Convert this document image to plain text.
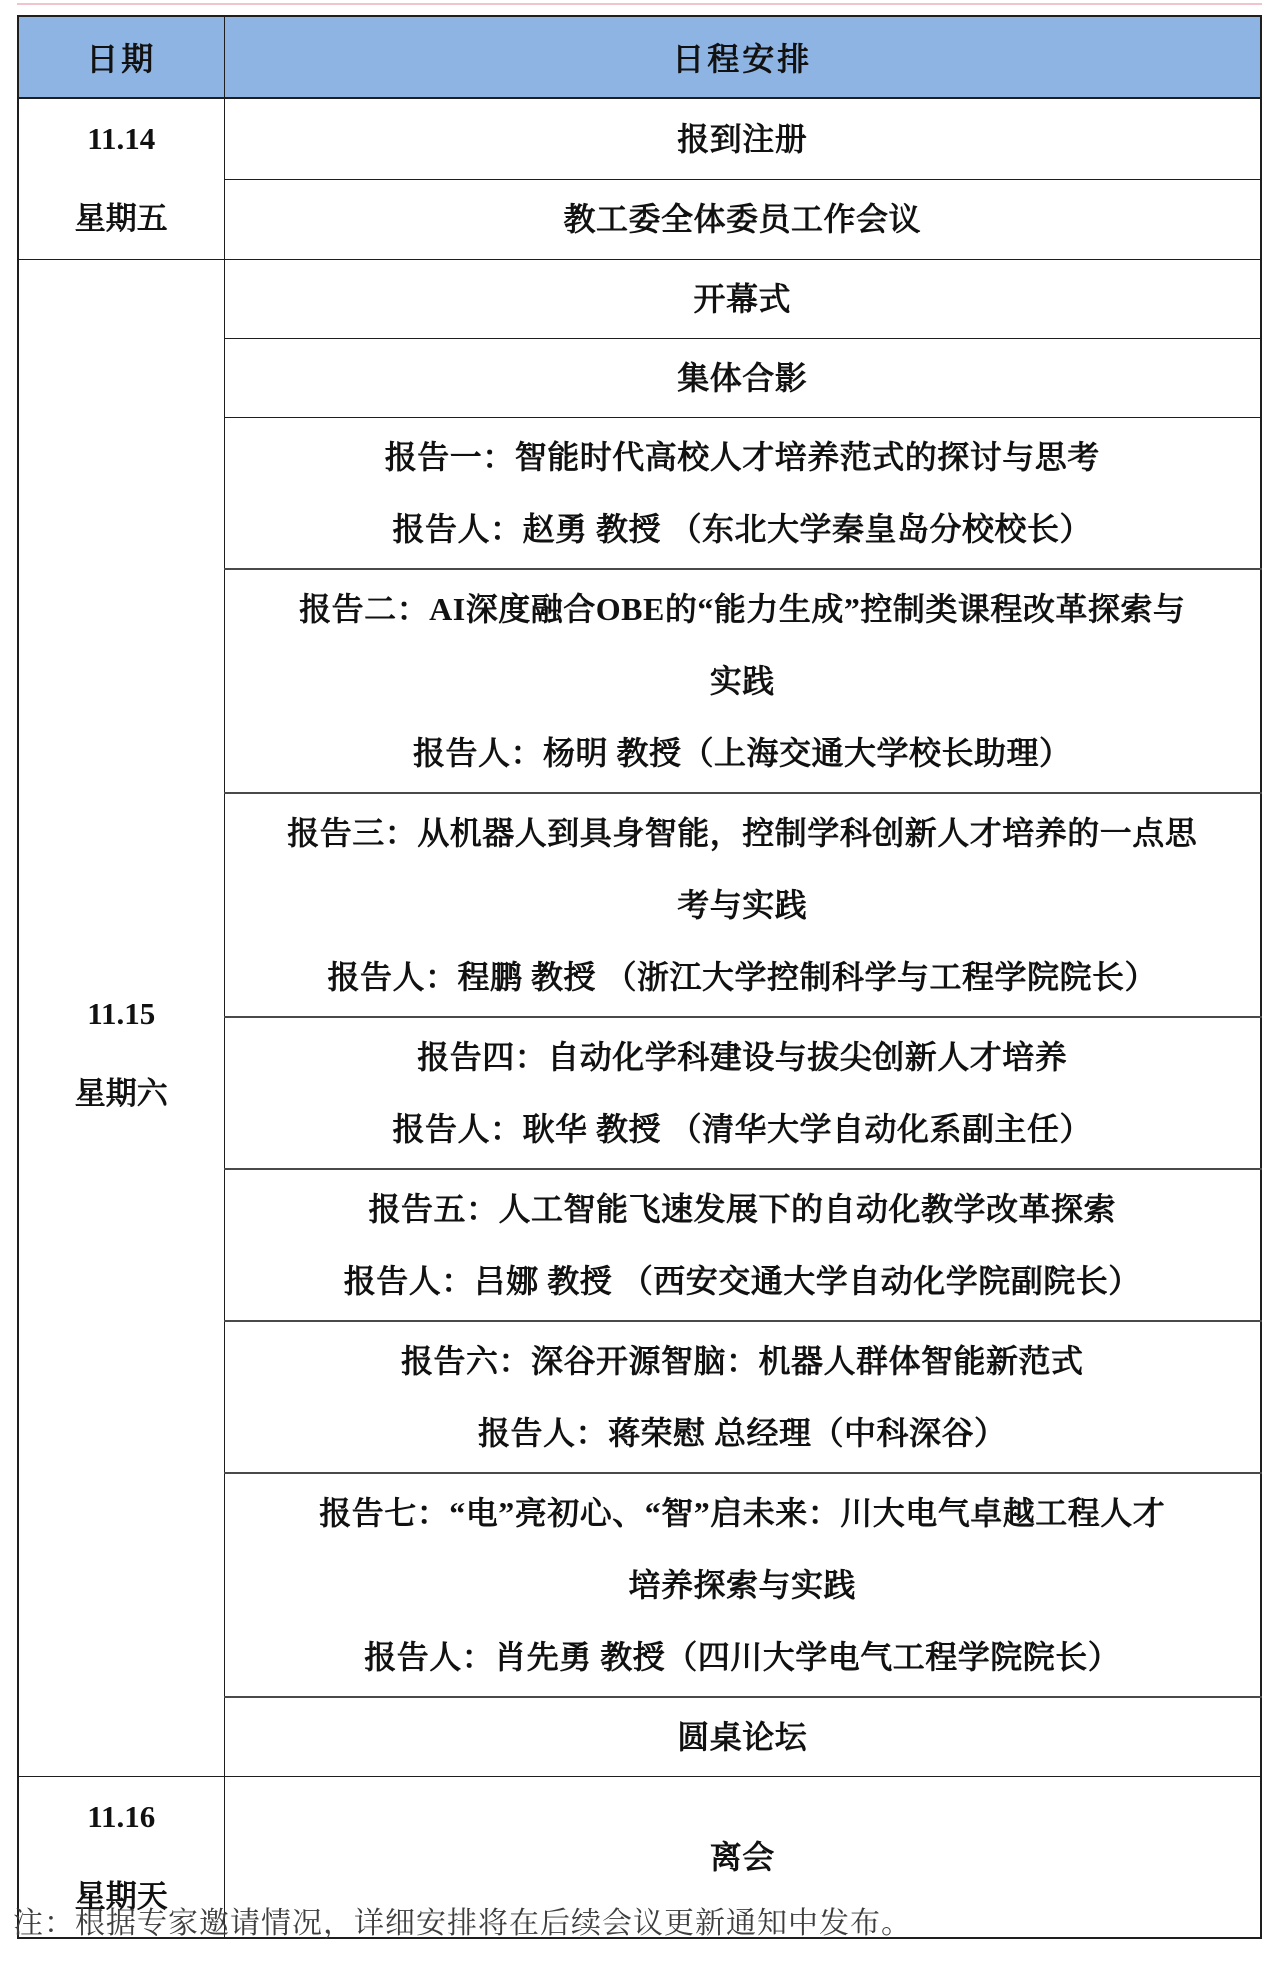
日期	日程安排

11.14
星期五	报到注册

	教工委全体委员工作会议

11.15
星期六	开幕式

	集体合影

	报告一：智能时代高校人才培养范式的探讨与思考
报告人：赵勇 教授 （东北大学秦皇岛分校校长）

	报告二：AI深度融合OBE的“能力生成”控制类课程改革探索与
实践
报告人：杨明 教授（上海交通大学校长助理）

	报告三：从机器人到具身智能，控制学科创新人才培养的一点思
考与实践
报告人：程鹏 教授 （浙江大学控制科学与工程学院院长）

	报告四：自动化学科建设与拔尖创新人才培养
报告人：耿华 教授 （清华大学自动化系副主任）

	报告五：人工智能飞速发展下的自动化教学改革探索
报告人：吕娜 教授 （西安交通大学自动化学院副院长）

	报告六：深谷开源智脑：机器人群体智能新范式
报告人：蒋荣慰 总经理（中科深谷）

	报告七：“电”亮初心、“智”启未来：川大电气卓越工程人才
培养探索与实践
报告人：肖先勇 教授（四川大学电气工程学院院长）

	圆桌论坛

11.16
星期天	离会
注：根据专家邀请情况，详细安排将在后续会议更新通知中发布。
